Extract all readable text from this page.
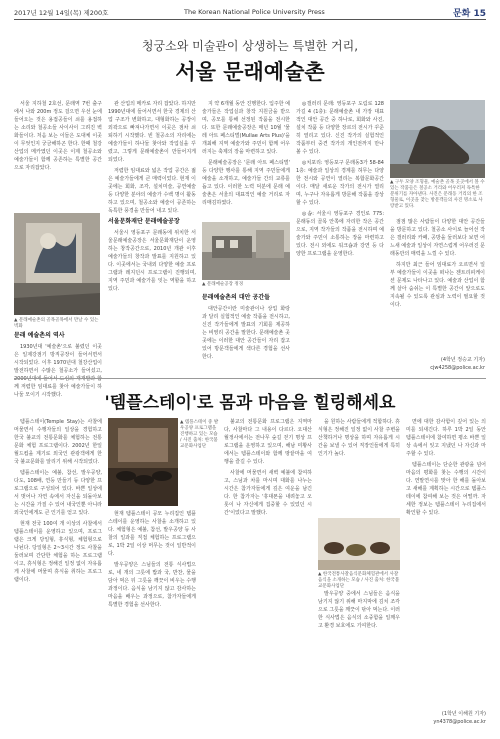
2017년 12월 14일(목) 제200호	The Korean National Police University Press	문화 15
청궁소와 미술관이 상생하는 특별한 거리,
서울 문래예술촌
▲ 문래예술촌의 골목골목에서 만날 수 있는 벽화

서울 지하철 2호선, 문래역 7번 출구에서 나와 200m 정도 걸으면 우선 눈에 들어오는 것은 용접공들이 쇠를 용접하는 소리와 철공소들 사이사이 그려진 벽화들이다. 처음 보는 이들은 도대체 이곳이 무엇인지 궁금해하곤 한다. 한때 철강산업의 메카였던 이곳은 이제 철공소와 예술가들이 함께 공존하는 특별한 공간으로 자리잡았다.

문래 예술촌의 역사

1930년대 '예술촌'으로 불렸던 이곳은 일제강점기 방직공장이 들어서면서 시작되었다. 이후 1970년대 철강산업이 발전하면서 수많은 철공소가 들어섰고, 2000년대에 들어서 도심의 재개발과 함께 저렴한 임대료를 찾아 예술가들이 하나둘 모이기 시작했다.

관 산업의 메카로 자리 잡았다. 하지만 1990년대에 들어서면서 한국 경제의 산업 구조가 변화하고, 대형화하는 공장이 외곽으로 빠져나가면서 이곳은 점차 쇠퇴하기 시작했다. 빈 철공소의 자리에는 예술가들이 하나둘 찾아와 작업실을 꾸렸고, 그렇게 문래예술촌이 만들어지게 되었다.

저렴한 임대료와 넓은 작업 공간은 젊은 예술가들에게 큰 매력이었다. 현재 이곳에는 회화, 조각, 설치미술, 공연예술 등 다양한 분야의 예술가 수백 명이 활동하고 있으며, 철공소와 예술이 공존하는 독특한 풍경을 만들어 내고 있다.

서울문화재단 문래예술공장

서울시 영등포구 문래동에 위치한 서울문래예술공장은 서울문화재단이 운영하는 창작공간으로, 2010년 개관 이후 예술가들의 창작과 발표를 지원하고 있다. 이곳에서는 국내외 다양한 예술 프로그램과 레지던시 프로그램이 진행되며, 지역 주민과 예술가를 잇는 역할을 하고 있다.

지 약 6개월 동안 진행한다. 입주한 예술가들은 작업실과 창작 지원금을 받으며, 공모를 통해 선정된 작품을 전시한다. 또한 문래예술공장은 매년 10월 '물레 아트 페스티벌(Mullae Arts Plus)'을 개최해 지역 예술가와 주민이 함께 어우러지는 축제의 장을 마련하고 있다.

문래예술공장은 '문래 아트 페스티벌' 등 다양한 행사를 통해 지역 주민들에게 예술을 소개하고, 예술가들 간의 교류를 돕고 있다. 이러한 노력 덕분에 문래 예술촌은 서울의 대표적인 예술 거리로 자리매김하였다.

▲ 문래예술공장 정경
문래예술촌의 대안 공간들

대안공간이란 미술관이나 상업 화랑과 달리 실험적인 예술 작품을 전시하고, 신진 작가들에게 발표의 기회를 제공하는 비영리 공간을 말한다. 문래예술촌 곳곳에는 이러한 대안 공간들이 자리 잡고 있어 방문객들에게 색다른 경험을 선사한다.

◎갤러리 문래: 영등포구 도림로 128가길 4 (1층): 문래예술촌 내 가장 대표적인 대안 공간 중 하나로, 회화와 사진, 설치 작품 등 다양한 장르의 전시가 꾸준히 열리고 있다. 신진 작가의 실험적인 작품부터 중견 작가의 개인전까지 만나볼 수 있다.

◎치포리: 영등포구 문래동3가 58-84 1층: 예술과 일상의 경계를 허무는 다양한 전시와 공연이 열리는 복합문화공간이다. 매달 새로운 작가의 전시가 열리며, 누구나 자유롭게 방문해 작품을 감상할 수 있다.

◎솜: 서울시 영등포구 경인로 775: 문래동의 골목 안쪽에 자리한 작은 공간으로, 지역 작가들의 작품을 전시하며 예술가와 주민이 소통하는 장을 마련하고 있다. 전시 외에도 워크숍과 강연 등 다양한 프로그램을 운영한다.

▲ 구두 모양 조형물, 예술촌 골목 곳곳에서 볼 수 있는 작품들은 철공소 거리와 어우러져 독특한 분위기를 자아낸다. 사진은 문래동 거리의 한 조형물로, 이곳을 찾는 방문객들의 사진 명소로 사랑받고 있다.

점점 많은 사람들이 다양한 대안 공간들을 방문하고 있다. 철공소 사이로 늘어선 작은 갤러리와 카페, 공방을 둘러보다 보면 어느새 예술과 일상이 자연스럽게 어우러진 문래동만의 매력을 느낄 수 있다.

하지만 최근 들어 임대료가 오르면서 일부 예술가들이 이곳을 떠나는 젠트리피케이션 문제도 나타나고 있다. 예술과 산업이 함께 살아 숨쉬는 이 특별한 공간이 앞으로도 지속될 수 있도록 관심과 노력이 필요할 것이다.

(4학년 정승교 기자) cjw4258@police.ac.kr
'템플스테이'로 몸과 마음을 힐링해세요

템플스테이(Temple Stay)는 사찰에 머물면서 수행자들의 일상을 경험하고 한국 불교의 전통문화를 체험하는 전통 문화 체험 프로그램이다. 2002년 한일 월드컵을 계기로 외국인 관광객에게 한국 불교문화를 알리기 위해 시작되었다.

템플스테이는 예불, 참선, 발우공양, 다도, 108배, 연등 만들기 등 다양한 프로그램으로 구성되어 있다. 바쁜 일상에서 벗어나 자연 속에서 자신을 되돌아보는 시간을 가질 수 있어 내국인뿐 아니라 외국인에게도 큰 인기를 얻고 있다.

현재 전국 100여 개 이상의 사찰에서 템플스테이를 운영하고 있으며, 프로그램은 크게 당일형, 휴식형, 체험형으로 나뉜다. 당일형은 2~3시간 정도 사찰을 둘러보며 간단한 체험을 하는 프로그램이고, 휴식형은 정해진 일정 없이 자유롭게 사찰에 머물며 휴식을 취하는 프로그램이다.

▲ 템플스테이 중 발우공양 프로그램을 진행하고 있는 모습 / 사진 출처: 한국불교문화사업단

현재 템플스테이 공모 누리집인 템플스테이를 운영하는 사찰을 소개하고 있다. 체험형은 예불, 참선, 발우공양 등 사찰의 일과를 직접 체험하는 프로그램으로, 1박 2일 이상 머무는 것이 일반적이다.

발우공양은 스님들의 전통 식사법으로, 네 개의 그릇에 밥과 국, 반찬, 물을 담아 먹은 뒤 그릇을 깨끗이 비우는 수행 과정이다. 음식을 남기지 않고 감사하는 마음을 배우는 과정으로, 참가자들에게 특별한 경험을 선사한다.

불교의 전통문화 프로그램은 지역마다, 사찰마다 그 내용이 다르다. 오대산 월정사에서는 전나무 숲길 걷기 명상 프로그램을 운영하고 있으며, 해남 미황사에서는 템플스테이와 함께 땅끝마을 여행을 즐길 수 있다.

사찰에 머물면서 새벽 예불에 참여하고, 스님과 차를 마시며 대화를 나누는 시간은 참가자들에게 깊은 여운을 남긴다. 한 참가자는 '휴대폰을 내려놓고 오롯이 나 자신에게 집중할 수 있었던 시간'이었다고 말했다.

을 원하는 사람들에게 적합하다. 휴식형은 정해진 일정 없이 사찰 주변을 산책하거나 명상을 하며 자유롭게 시간을 보낼 수 있어 직장인들에게 특히 인기가 높다.

▲ 한국전통사찰음식문화체험관에서 사찰음식을 소개하는 모습 / 사진 출처: 한국불교문화사업단

발우공양 중에서 스님들은 음식을 남기지 않기 위해 마지막에 김치 조각으로 그릇을 깨끗이 닦아 먹는다. 이러한 식사법은 음식의 소중함을 일깨우고 환경 보호에도 기여한다.

면에 대한 감사함이 깊어 있는 의미를 되새긴다. 하루 1박 2일 동안 템플스테이에 참여하면 평소 바쁜 일상 속에서 잊고 지냈던 나 자신과 마주할 수 있다.

템플스테이는 단순한 관광을 넘어 마음의 평화를 찾는 수행의 시간이다. 연말연시를 맞아 한 해를 돌아보고 새해를 계획하는 시간으로 템플스테이에 참여해 보는 것은 어떨까. 자세한 정보는 템플스테이 누리집에서 확인할 수 있다.

(1학년 이해원 기자) yn4378@police.ac.kr
